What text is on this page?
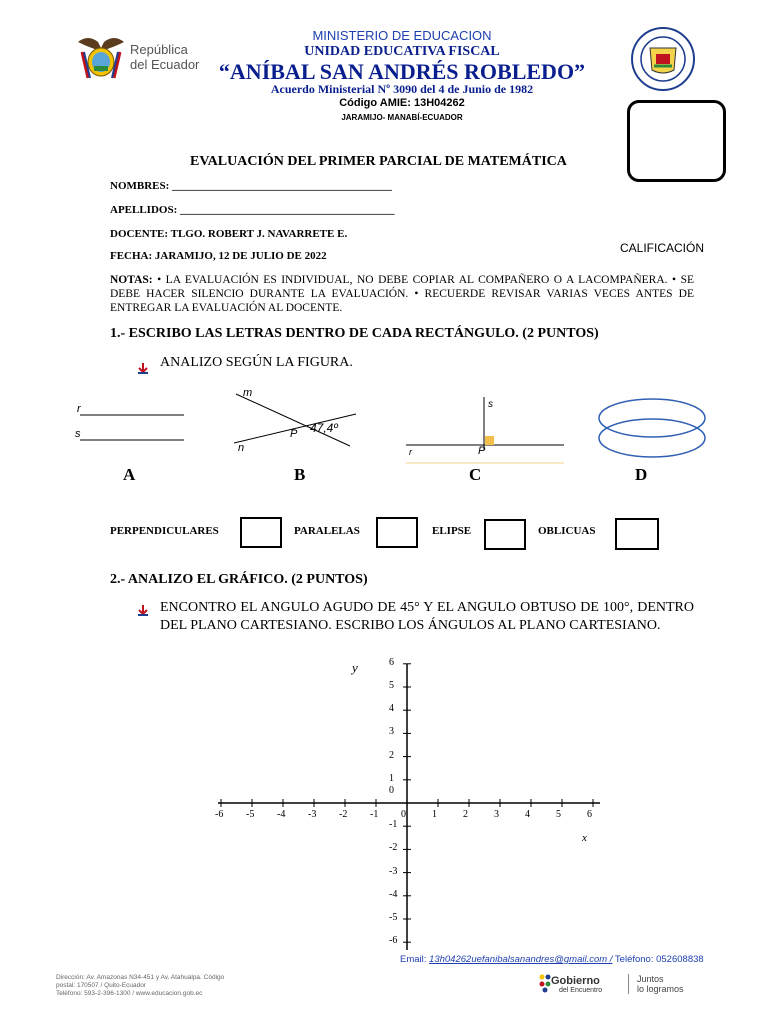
República
del Ecuador
MINISTERIO DE EDUCACION
UNIDAD EDUCATIVA FISCAL
“ANÍBAL SAN ANDRÉS ROBLEDO”
Acuerdo Ministerial Nº 3090 del 4 de Junio de 1982
Código AMIE: 13H04262
JARAMIJO- MANABÍ-ECUADOR
CALIFICACIÓN
EVALUACIÓN DEL PRIMER PARCIAL DE MATEMÁTICA
NOMBRES: ________________________________________
APELLIDOS: _______________________________________
DOCENTE: TLGO. ROBERT J. NAVARRETE E.
FECHA: JARAMIJO, 12 DE JULIO DE 2022
NOTAS: • LA EVALUACIÓN ES INDIVIDUAL, NO DEBE COPIAR AL COMPAÑERO O A LACOMPAÑERA. • SE DEBE HACER SILENCIO DURANTE LA EVALUACIÓN. • RECUERDE REVISAR VARIAS VECES ANTES DE ENTREGAR LA EVALUACIÓN AL DOCENTE.
1.- ESCRIBO LAS LETRAS DENTRO DE CADA RECTÁNGULO. (2 PUNTOS)
ANALIZO SEGÚN LA FIGURA.
r
s
m
n
P 47,4º
s
r	P
A	B	C	D
PERPENDICULARES	PARALELAS	ELIPSE	OBLICUAS
2.- ANALIZO EL GRÁFICO. (2 PUNTOS)
ENCONTRO EL ANGULO AGUDO DE 45° Y EL ANGULO OBTUSO DE 100°, DENTRO DEL PLANO CARTESIANO. ESCRIBO LOS ÁNGULOS AL PLANO CARTESIANO.
y
x
-6 -5 -4 -3 -2 -1 0	1	2	3	4	5	6
6
5
4
3
2
1
0
-1
-2
-3
-4
-5
-6
Email: 13h04262uefanibalsanandres@gmail.com / Teléfono: 052608838
Dirección: Av. Amazonas N34-451 y Av. Atahualpa. Código
postal: 170507 / Quito-Ecuador
Teléfono: 593-2-396-1300 / www.educacion.gob.ec
Gobierno
del Encuentro
Juntos
lo logramos
